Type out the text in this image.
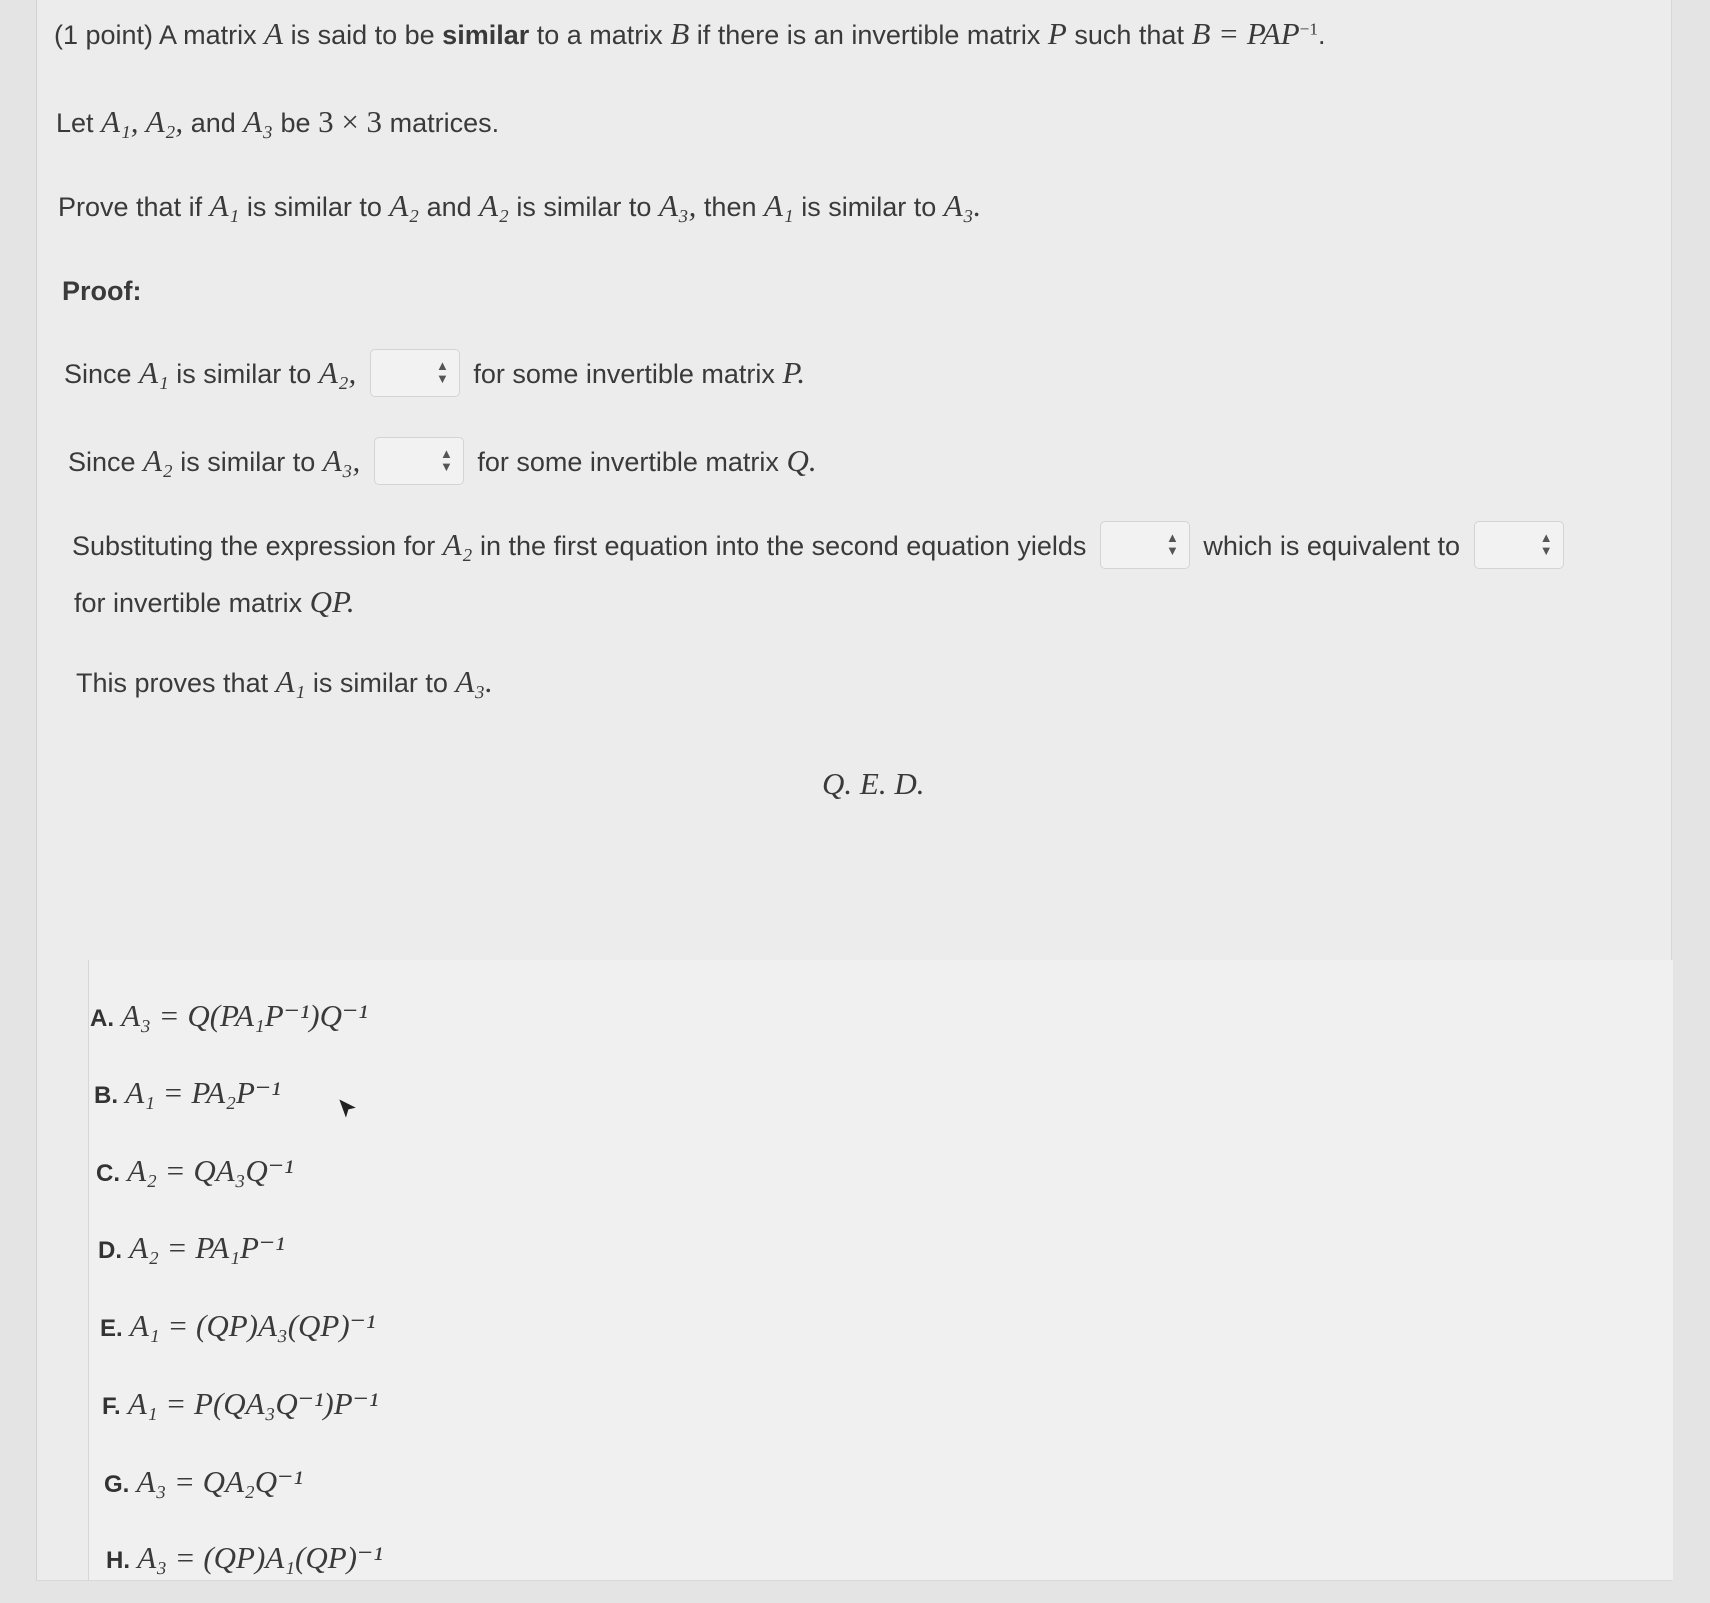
(1 point) A matrix A is said to be similar to a matrix B if there is an invertible matrix P such that $B = PAP^{-1}$.
Let A₁, A₂, and A₃ be 3 × 3 matrices.
Prove that if A₁ is similar to A₂ and A₂ is similar to A₃, then A₁ is similar to A₃.
Proof:
Since A₁ is similar to A₂,	▲
▼ for some invertible matrix P.
Since A₂ is similar to A₃,	▲
▼ for some invertible matrix Q.
Substituting the expression for A₂ in the first equation into the second equation yields	▲
▼ which is equivalent to	▲
▼
for invertible matrix QP.
This proves that A₁ is similar to A₃.
Q. E. D.
A. A₃ = Q(PA₁P⁻¹)Q⁻¹
B. A₁ = PA₂P⁻¹
C. A₂ = QA₃Q⁻¹
D. A₂ = PA₁P⁻¹
E. A₁ = (QP)A₃(QP)⁻¹
F. A₁ = P(QA₃Q⁻¹)P⁻¹
G. A₃ = QA₂Q⁻¹
H. A₃ = (QP)A₁(QP)⁻¹
